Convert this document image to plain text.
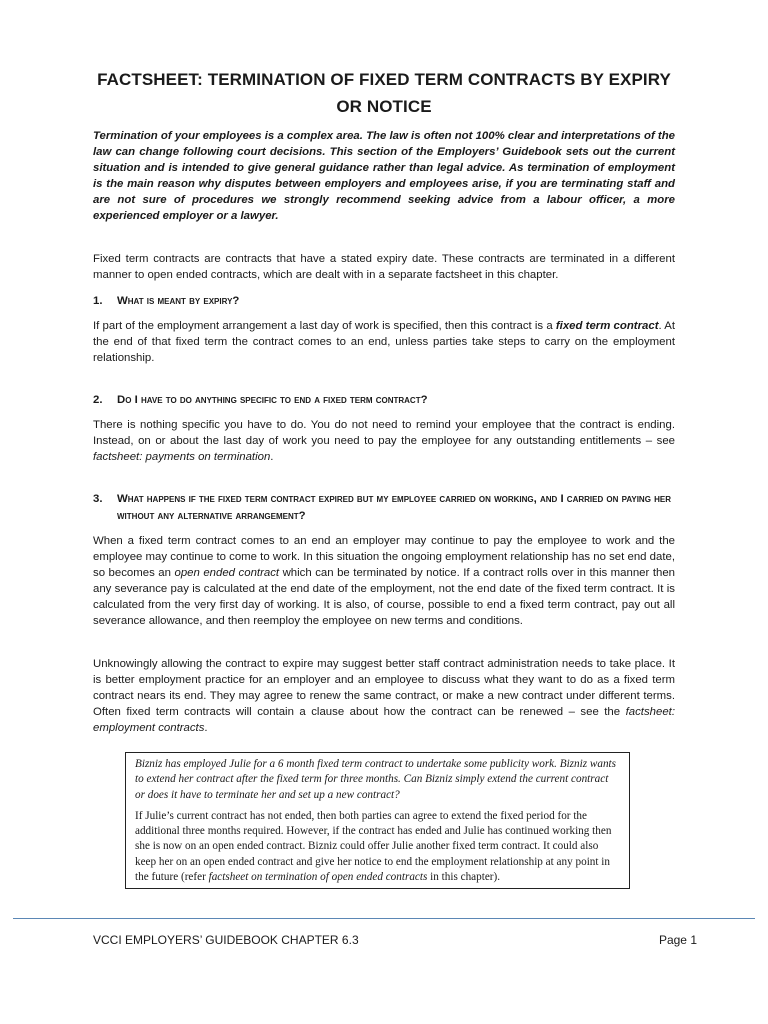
FACTSHEET: TERMINATION OF FIXED TERM CONTRACTS BY EXPIRY
OR NOTICE

Termination of your employees is a complex area. The law is often not 100% clear and interpretations of the law can change following court decisions. This section of the Employers’ Guidebook sets out the current situation and is intended to give general guidance rather than legal advice. As termination of employment is the main reason why disputes between employers and employees arise, if you are terminating staff and are not sure of procedures we strongly recommend seeking advice from a labour officer, a more experienced employer or a lawyer.

Fixed term contracts are contracts that have a stated expiry date. These contracts are terminated in a different manner to open ended contracts, which are dealt with in a separate factsheet in this chapter.

1. What is meant by expiry?

If part of the employment arrangement a last day of work is specified, then this contract is a fixed term contract. At the end of that fixed term the contract comes to an end, unless parties take steps to carry on the employment relationship.

2. Do I have to do anything specific to end a fixed term contract?

There is nothing specific you have to do. You do not need to remind your employee that the contract is ending. Instead, on or about the last day of work you need to pay the employee for any outstanding entitlements – see factsheet: payments on termination.

3.	What happens if the fixed term contract expired but my employee carried on working, and I carried on paying her without any alternative arrangement?

When a fixed term contract comes to an end an employer may continue to pay the employee to work and the employee may continue to come to work. In this situation the ongoing employment relationship has no set end date, so becomes an open ended contract which can be terminated by notice. If a contract rolls over in this manner then any severance pay is calculated at the end date of the employment, not the end date of the fixed term contract. It is calculated from the very first day of working. It is also, of course, possible to end a fixed term contract, pay out all severance allowance, and then reemploy the employee on new terms and conditions.

Unknowingly allowing the contract to expire may suggest better staff contract administration needs to take place. It is better employment practice for an employer and an employee to discuss what they want to do as a fixed term contract nears its end. They may agree to renew the same contract, or make a new contract under different terms. Often fixed term contracts will contain a clause about how the contract can be renewed – see the factsheet: employment contracts.

Bizniz has employed Julie for a 6 month fixed term contract to undertake some publicity work. Bizniz wants to extend her contract after the fixed term for three months. Can Bizniz simply extend the current contract or does it have to terminate her and set up a new contract?

If Julie’s current contract has not ended, then both parties can agree to extend the fixed period for the additional three months required. However, if the contract has ended and Julie has continued working then she is now on an open ended contract. Bizniz could offer Julie another fixed term contract. It could also keep her on an open ended contract and give her notice to end the employment relationship at any point in the future (refer factsheet on termination of open ended contracts in this chapter).

VCCI EMPLOYERS’ GUIDEBOOK CHAPTER 6.3	Page 1
